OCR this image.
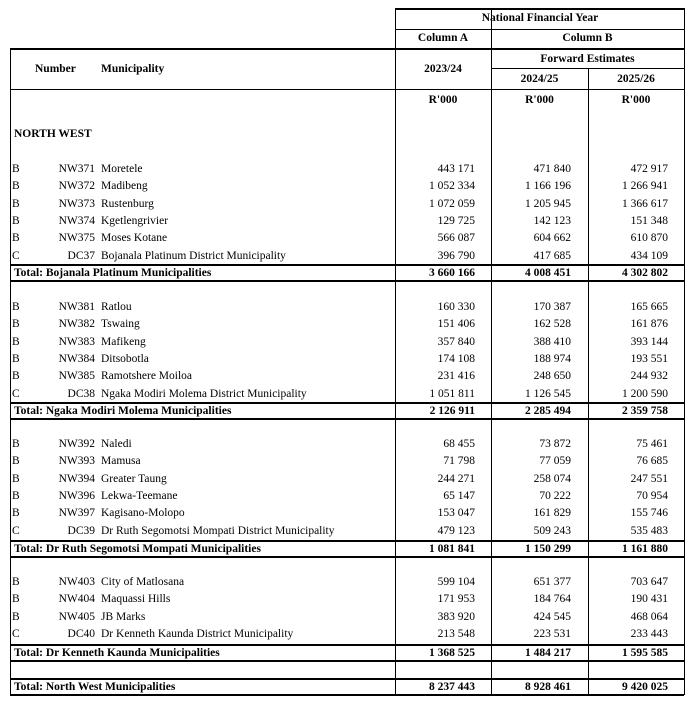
National Financial Year
Column A	Column B
Forward Estimates
Number Municipality	2023/24
2024/25	2025/26
R'000	R'000	R'000
NORTH WEST
B	NW371 Moretele	443 171	471 840	472 917
B	NW372 Madibeng	1 052 334	1 166 196	1 266 941
B	NW373 Rustenburg	1 072 059	1 205 945	1 366 617
B	NW374 Kgetlengrivier	129 725	142 123	151 348
B	NW375 Moses Kotane	566 087	604 662	610 870
C	DC37 Bojanala Platinum District Municipality	396 790	417 685	434 109
Total: Bojanala Platinum Municipalities	3 660 166	4 008 451	4 302 802
B	NW381 Ratlou	160 330	170 387	165 665
B	NW382 Tswaing	151 406	162 528	161 876
B	NW383 Mafikeng	357 840	388 410	393 144
B	NW384 Ditsobotla	174 108	188 974	193 551
B	NW385 Ramotshere Moiloa	231 416	248 650	244 932
C	DC38 Ngaka Modiri Molema District Municipality	1 051 811	1 126 545	1 200 590
Total: Ngaka Modiri Molema Municipalities	2 126 911	2 285 494	2 359 758
B	NW392 Naledi	68 455	73 872	75 461
B	NW393 Mamusa	71 798	77 059	76 685
B	NW394 Greater Taung	244 271	258 074	247 551
B	NW396 Lekwa-Teemane	65 147	70 222	70 954
B	NW397 Kagisano-Molopo	153 047	161 829	155 746
C	DC39 Dr Ruth Segomotsi Mompati District Municipality	479 123	509 243	535 483
Total: Dr Ruth Segomotsi Mompati Municipalities	1 081 841	1 150 299	1 161 880
B	NW403 City of Matlosana	599 104	651 377	703 647
B	NW404 Maquassi Hills	171 953	184 764	190 431
B	NW405 JB Marks	383 920	424 545	468 064
C	DC40 Dr Kenneth Kaunda District Municipality	213 548	223 531	233 443
Total: Dr Kenneth Kaunda Municipalities	1 368 525	1 484 217	1 595 585
Total: North West Municipalities	8 237 443	8 928 461	9 420 025
